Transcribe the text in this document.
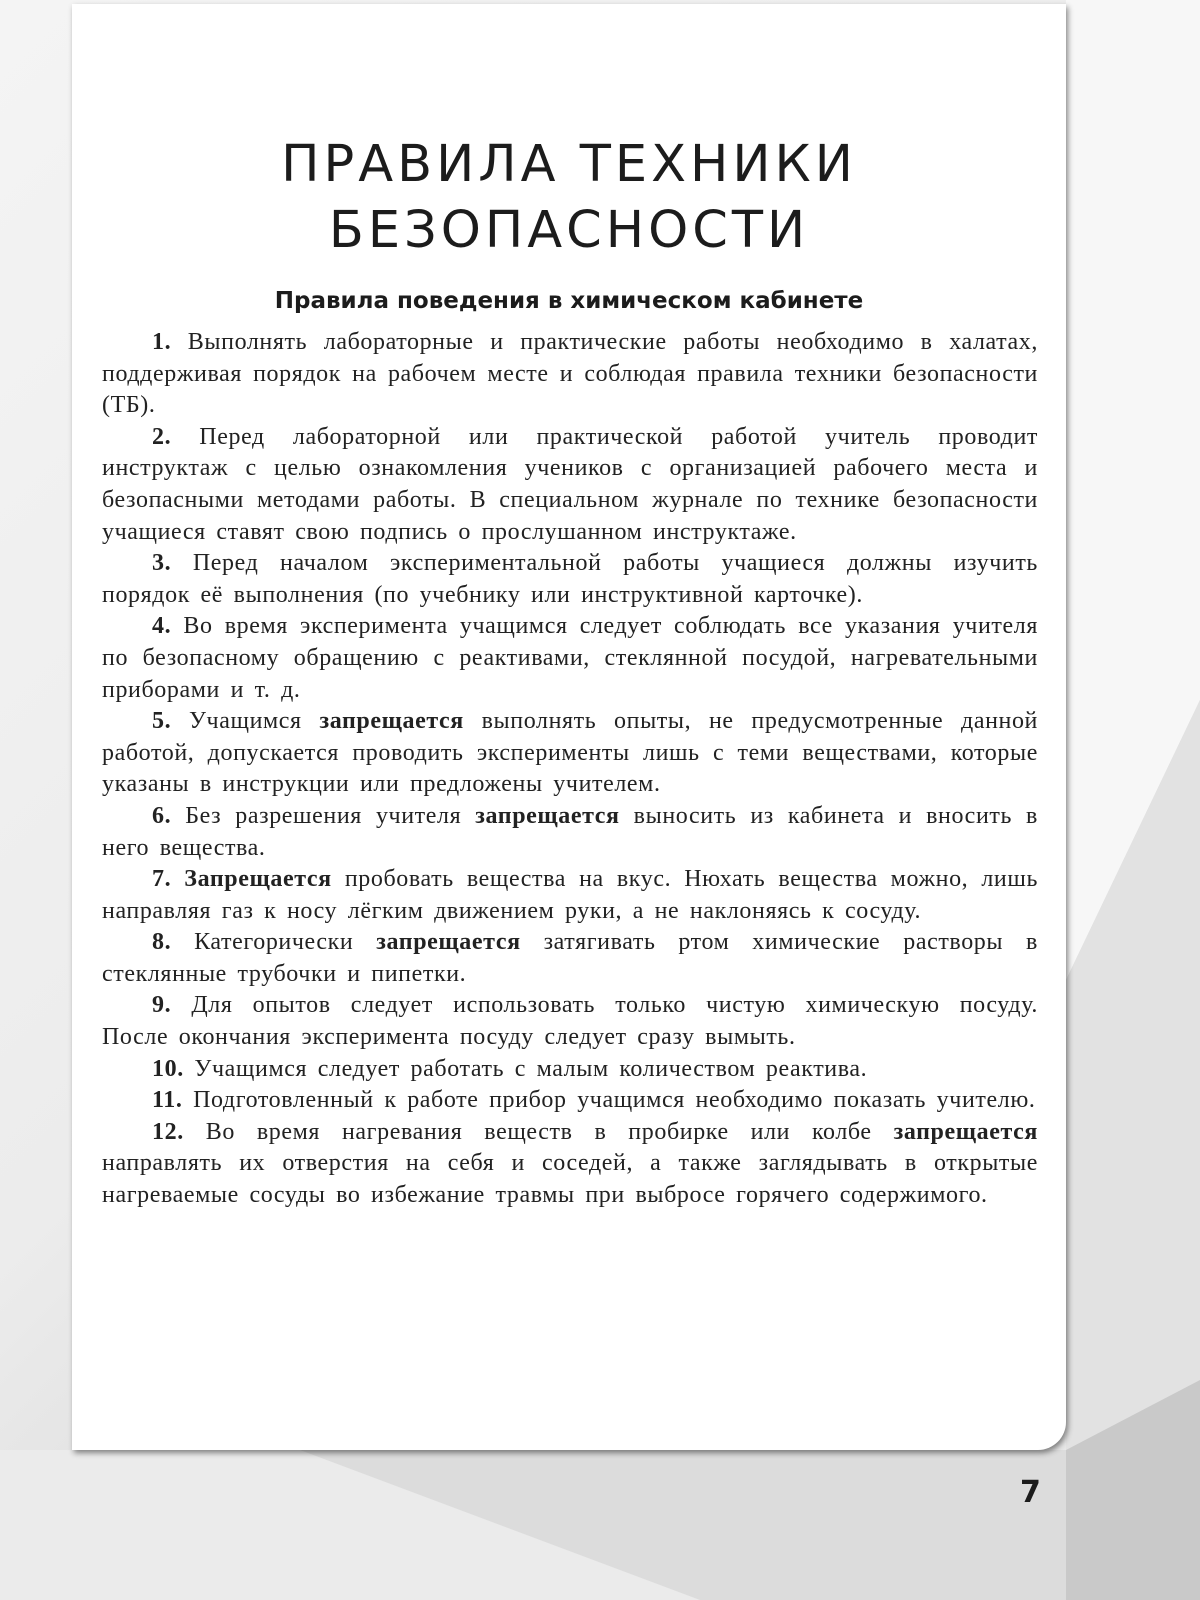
ПРАВИЛА ТЕХНИКИ
БЕЗОПАСНОСТИ
Правила поведения в химическом кабинете

1. Выполнять лабораторные и практические работы необходимо в халатах, поддерживая порядок на рабочем месте и соблюдая правила техники безопасности (ТБ).

2. Перед лабораторной или практической работой учитель проводит инструктаж с целью ознакомления учеников с организацией рабочего места и безопасными методами работы. В специальном журнале по технике безопасности учащиеся ставят свою подпись о прослушанном инструктаже.

3. Перед началом экспериментальной работы учащиеся должны изучить порядок её выполнения (по учебнику или инструктивной карточке).

4. Во время эксперимента учащимся следует соблюдать все указания учителя по безопасному обращению с реактивами, стеклянной посудой, нагревательными приборами и т. д.

5. Учащимся запрещается выполнять опыты, не предусмотренные данной работой, допускается проводить эксперименты лишь с теми веществами, которые указаны в инструкции или предложены учителем.

6. Без разрешения учителя запрещается выносить из кабинета и вносить в него вещества.

7. Запрещается пробовать вещества на вкус. Нюхать вещества можно, лишь направляя газ к носу лёгким движением руки, а не наклоняясь к сосуду.

8. Категорически запрещается затягивать ртом химические растворы в стеклянные трубочки и пипетки.

9. Для опытов следует использовать только чистую химическую посуду. После окончания эксперимента посуду следует сразу вымыть.

10. Учащимся следует работать с малым количеством реактива.

11. Подготовленный к работе прибор учащимся необходимо показать учителю.

12. Во время нагревания веществ в пробирке или колбе запрещается направлять их отверстия на себя и соседей, а также заглядывать в открытые нагреваемые сосуды во избежание травмы при выбросе горячего содержимого.

7
